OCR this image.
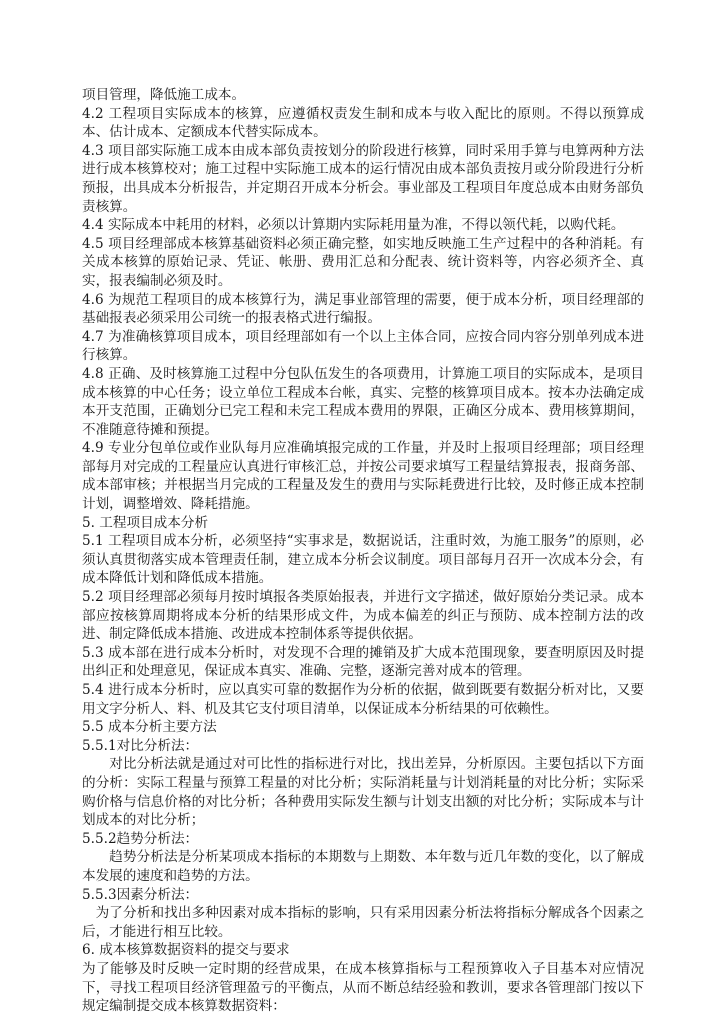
项目管理，降低施工成本。

4.2 工程项目实际成本的核算，应遵循权责发生制和成本与收入配比的原则。不得以预算成本、估计成本、定额成本代替实际成本。

4.3 项目部实际施工成本由成本部负责按划分的阶段进行核算，同时采用手算与电算两种方法进行成本核算校对；施工过程中实际施工成本的运行情况由成本部负责按月或分阶段进行分析预报，出具成本分析报告，并定期召开成本分析会。事业部及工程项目年度总成本由财务部负责核算。

4.4 实际成本中耗用的材料，必须以计算期内实际耗用量为准，不得以领代耗，以购代耗。

4.5 项目经理部成本核算基础资料必须正确完整，如实地反映施工生产过程中的各种消耗。有关成本核算的原始记录、凭证、帐册、费用汇总和分配表、统计资料等，内容必须齐全、真实，报表编制必须及时。

4.6 为规范工程项目的成本核算行为，满足事业部管理的需要，便于成本分析，项目经理部的基础报表必须采用公司统一的报表格式进行编报。

4.7 为准确核算项目成本，项目经理部如有一个以上主体合同，应按合同内容分别单列成本进行核算。

4.8 正确、及时核算施工过程中分包队伍发生的各项费用，计算施工项目的实际成本，是项目成本核算的中心任务；设立单位工程成本台帐，真实、完整的核算项目成本。按本办法确定成本开支范围，正确划分已完工程和未完工程成本费用的界限，正确区分成本、费用核算期间，不准随意待摊和预提。

4.9 专业分包单位或作业队每月应准确填报完成的工作量，并及时上报项目经理部；项目经理部每月对完成的工程量应认真进行审核汇总，并按公司要求填写工程量结算报表，报商务部、成本部审核；并根据当月完成的工程量及发生的费用与实际耗费进行比较，及时修正成本控制计划，调整增效、降耗措施。

5. 工程项目成本分析

5.1 工程项目成本分析，必须坚持“实事求是，数据说话，注重时效，为施工服务”的原则，必须认真贯彻落实成本管理责任制，建立成本分析会议制度。项目部每月召开一次成本分会，有成本降低计划和降低成本措施。

5.2 项目经理部必须每月按时填报各类原始报表，并进行文字描述，做好原始分类记录。成本部应按核算周期将成本分析的结果形成文件，为成本偏差的纠正与预防、成本控制方法的改进、制定降低成本措施、改进成本控制体系等提供依据。

5.3 成本部在进行成本分析时，对发现不合理的摊销及扩大成本范围现象，要查明原因及时提出纠正和处理意见，保证成本真实、准确、完整，逐渐完善对成本的管理。

5.4 进行成本分析时，应以真实可靠的数据作为分析的依据，做到既要有数据分析对比，又要用文字分析人、料、机及其它支付项目清单，以保证成本分析结果的可依赖性。

5.5 成本分析主要方法

5.5.1对比分析法：

对比分析法就是通过对可比性的指标进行对比，找出差异，分析原因。主要包括以下方面的分析：实际工程量与预算工程量的对比分析；实际消耗量与计划消耗量的对比分析；实际采购价格与信息价格的对比分析；各种费用实际发生额与计划支出额的对比分析；实际成本与计划成本的对比分析；

5.5.2趋势分析法：

趋势分析法是分析某项成本指标的本期数与上期数、本年数与近几年数的变化，以了解成本发展的速度和趋势的方法。

5.5.3因素分析法：

为了分析和找出多种因素对成本指标的影响，只有采用因素分析法将指标分解成各个因素之后，才能进行相互比较。

6. 成本核算数据资料的提交与要求

为了能够及时反映一定时期的经营成果，在成本核算指标与工程预算收入子目基本对应情况下，寻找工程项目经济管理盈亏的平衡点，从而不断总结经验和教训，要求各管理部门按以下规定编制提交成本核算数据资料：
